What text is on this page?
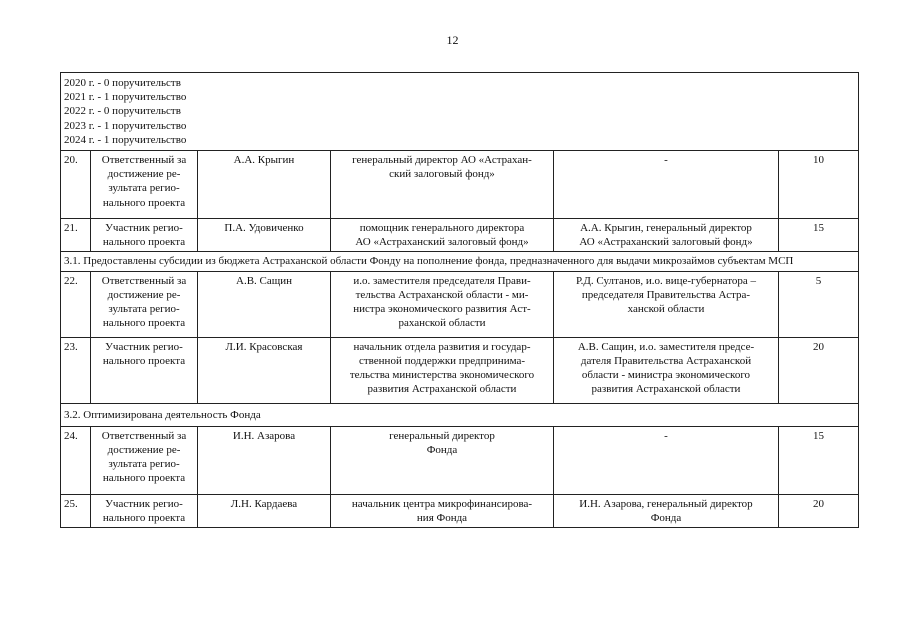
12
2020 г. - 0 поручительств
2021 г. - 1 поручительство
2022 г. - 0 поручительств
2023 г. - 1 поручительство
2024 г. - 1 поручительство					

20.	Ответственный за достижение ре-
зультата регио-
нального проекта	А.А. Крыгин	генеральный директор АО «Астрахан-
ский залоговый фонд»	-	10
21.	Участник регио-
нального проекта	П.А. Удовиченко	помощник генерального директора
АО «Астраханский залоговый фонд»	А.А. Крыгин, генеральный директор
АО «Астраханский залоговый фонд»	15
3.1. Предоставлены субсидии из бюджета Астраханской области Фонду на пополнение фонда, предназначенного для выдачи микрозаймов субъектам МСП					
22.	Ответственный за достижение ре-
зультата регио-
нального проекта	А.В. Сащин	и.о. заместителя председателя Прави-
тельства Астраханской области - ми-
нистра экономического развития Аст-
раханской области	Р.Д. Султанов, и.о. вице-губернатора –
председателя Правительства Астра-
ханской области	5
23.	Участник регио-
нального проекта	Л.И. Красовская	начальник отдела развития и государ-
ственной поддержки предпринима-
тельства министерства экономического
развития Астраханской области	А.В. Сащин, и.о. заместителя предсе-
дателя Правительства Астраханской
области - министра экономического
развития Астраханской области	20
3.2. Оптимизирована деятельность Фонда					
24.	Ответственный за достижение ре-
зультата регио-
нального проекта	И.Н. Азарова	генеральный директор
Фонда	-	15
25.	Участник регио-
нального проекта	Л.Н. Кардаева	начальник центра микрофинансирова-
ния Фонда	И.Н. Азарова, генеральный директор
Фонда	20
